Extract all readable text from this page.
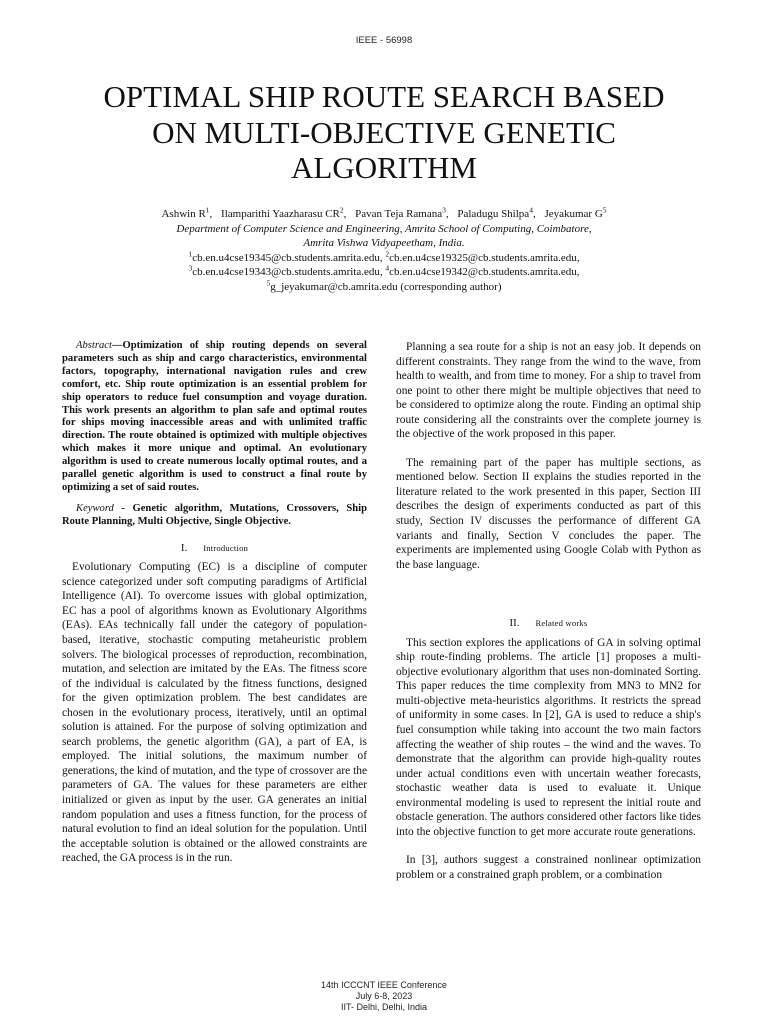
IEEE - 56998
OPTIMAL SHIP ROUTE SEARCH BASED
ON MULTI-OBJECTIVE GENETIC
ALGORITHM
Ashwin $R^1$, Ilamparithi Yaazharasu $CR^2$, Pavan Teja Ramana$^3$, Paladugu Shilpa$^4$, Jeyakumar $G^5$
Department of Computer Science and Engineering, Amrita School of Computing, Coimbatore,
Amrita Vishwa Vidyapeetham, India.
$^1$cb.en.u4cse19345@cb.students.amrita.edu, $^2$cb.en.u4cse19325@cb.students.amrita.edu,
$^3$cb.en.u4cse19343@cb.students.amrita.edu, $^4$cb.en.u4cse19342@cb.students.amrita.edu,
$^5$g_jeyakumar@cb.amrita.edu (corresponding author)

Abstract—Optimization of ship routing depends on several parameters such as ship and cargo characteristics, environmental factors, topography, international navigation rules and crew comfort, etc. Ship route optimization is an essential problem for ship operators to reduce fuel consumption and voyage duration. This work presents an algorithm to plan safe and optimal routes for ships moving inaccessible areas and with unlimited traffic direction. The route obtained is optimized with multiple objectives which makes it more unique and optimal. An evolutionary algorithm is used to create numerous locally optimal routes, and a parallel genetic algorithm is used to construct a final route by optimizing a set of said routes.

Keyword - Genetic algorithm, Mutations, Crossovers, Ship Route Planning, Multi Objective, Single Objective.

I. Introduction

Evolutionary Computing (EC) is a discipline of computer science categorized under soft computing paradigms of Artificial Intelligence (AI). To overcome issues with global optimization, EC has a pool of algorithms known as Evolutionary Algorithms (EAs). EAs technically fall under the category of population-based, iterative, stochastic computing metaheuristic problem solvers. The biological processes of reproduction, recombination, mutation, and selection are imitated by the EAs. The fitness score of the individual is calculated by the fitness functions, designed for the given optimization problem. The best candidates are chosen in the evolutionary process, iteratively, until an optimal solution is attained. For the purpose of solving optimization and search problems, the genetic algorithm (GA), a part of EA, is employed. The initial solutions, the maximum number of generations, the kind of mutation, and the type of crossover are the parameters of GA. The values for these parameters are either initialized or given as input by the user. GA generates an initial random population and uses a fitness function, for the process of natural evolution to find an ideal solution for the population. Until the acceptable solution is obtained or the allowed constraints are reached, the GA process is in the run.

Planning a sea route for a ship is not an easy job. It depends on different constraints. They range from the wind to the wave, from health to wealth, and from time to money. For a ship to travel from one point to other there might be multiple objectives that need to be considered to optimize along the route. Finding an optimal ship route considering all the constraints over the complete journey is the objective of the work proposed in this paper.

The remaining part of the paper has multiple sections, as mentioned below. Section II explains the studies reported in the literature related to the work presented in this paper, Section III describes the design of experiments conducted as part of this study, Section IV discusses the performance of different GA variants and finally, Section V concludes the paper. The experiments are implemented using Google Colab with Python as the base language.

II. Related works

This section explores the applications of GA in solving optimal ship route-finding problems. The article [1] proposes a multi-objective evolutionary algorithm that uses non-dominated Sorting. This paper reduces the time complexity from MN3 to MN2 for multi-objective meta-heuristics algorithms. It restricts the spread of uniformity in some cases. In [2], GA is used to reduce a ship's fuel consumption while taking into account the two main factors affecting the weather of ship routes – the wind and the waves. To demonstrate that the algorithm can provide high-quality routes under actual conditions even with uncertain weather forecasts, stochastic weather data is used to evaluate it. Unique environmental modeling is used to represent the initial route and obstacle generation. The authors considered other factors like tides into the objective function to get more accurate route generations.

In [3], authors suggest a constrained nonlinear optimization problem or a constrained graph problem, or a combination

14th ICCCNT IEEE Conference
July 6-8, 2023
IIT- Delhi, Delhi, India
